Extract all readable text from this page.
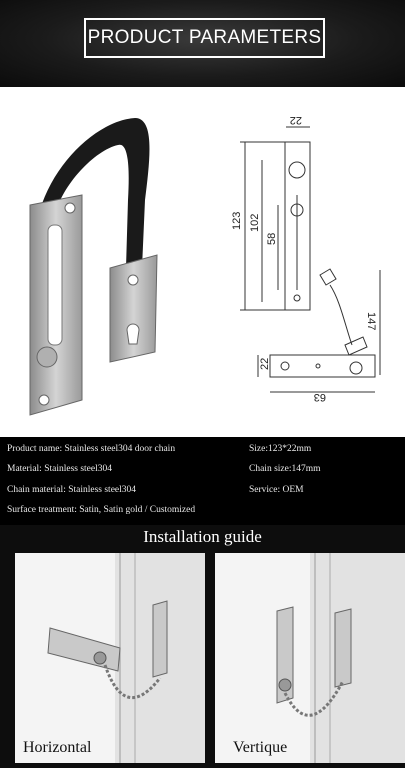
PRODUCT PARAMETERS
22
123 102
58
147
22
63
Product name: Stainless steel304 door chain	Size:123*22mm
Material: Stainless steel304	Chain size:147mm
Chain material: Stainless steel304	Service: OEM
Surface treatment: Satin, Satin gold / Customized
Installation guide
Horizontal	Vertique
